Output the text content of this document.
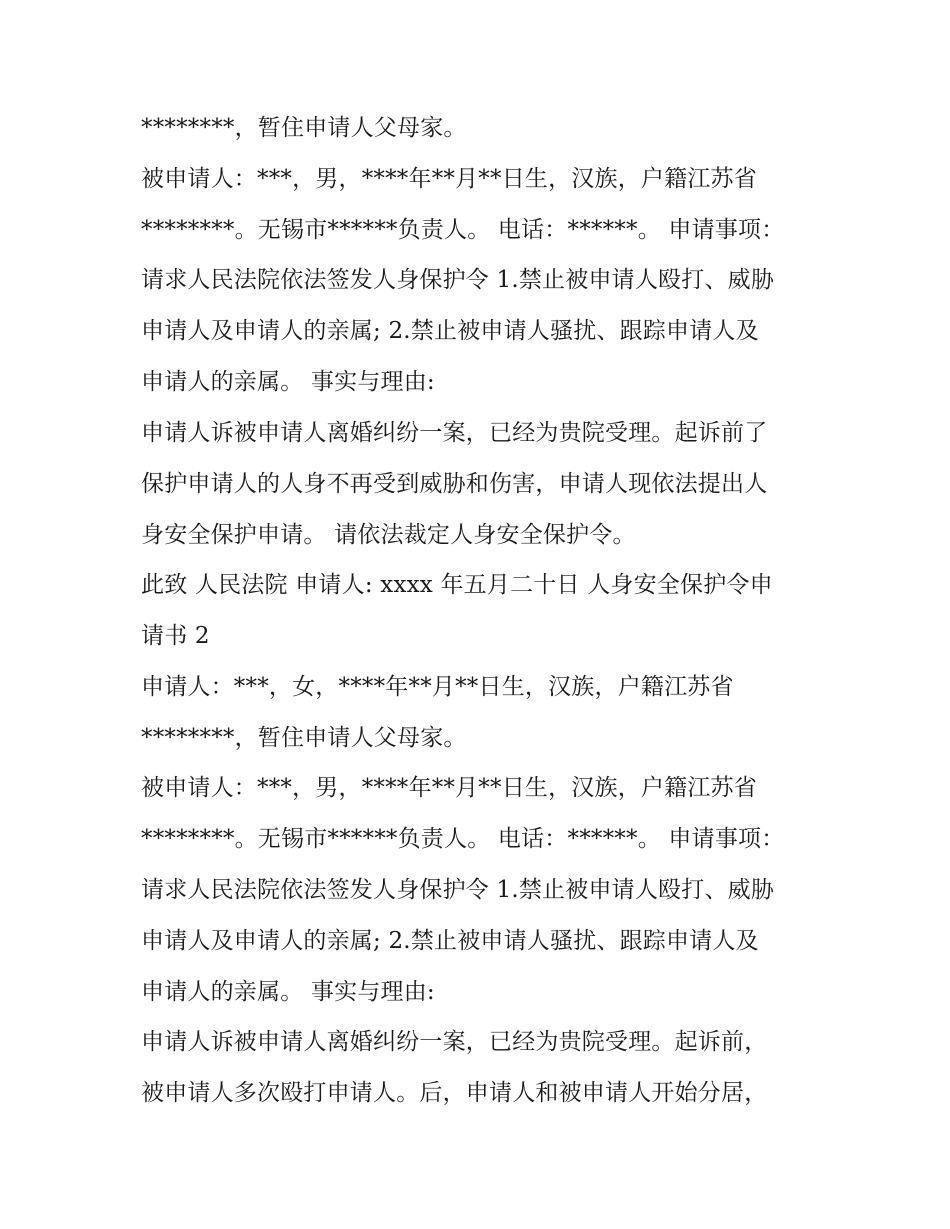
********，暂住申请人父母家。
被申请人：***，男，****年**月**日生，汉族，户籍江苏省
********。无锡市******负责人。 电话：******。 申请事项：
请求人民法院依法签发人身保护令 1.禁止被申请人殴打、威胁
申请人及申请人的亲属; 2.禁止被申请人骚扰、跟踪申请人及
申请人的亲属。 事实与理由:
申请人诉被申请人离婚纠纷一案，已经为贵院受理。起诉前了
保护申请人的人身不再受到威胁和伤害，申请人现依法提出人
身安全保护申请。 请依法裁定人身安全保护令。
此致 人民法院 申请人: xxxx 年五月二十日 人身安全保护令申
请书 2
申请人：***，女，****年**月**日生，汉族，户籍江苏省
********，暂住申请人父母家。
被申请人：***，男，****年**月**日生，汉族，户籍江苏省
********。无锡市******负责人。 电话：******。 申请事项：
请求人民法院依法签发人身保护令 1.禁止被申请人殴打、威胁
申请人及申请人的亲属; 2.禁止被申请人骚扰、跟踪申请人及
申请人的亲属。 事实与理由:
申请人诉被申请人离婚纠纷一案，已经为贵院受理。起诉前，
被申请人多次殴打申请人。后，申请人和被申请人开始分居，
